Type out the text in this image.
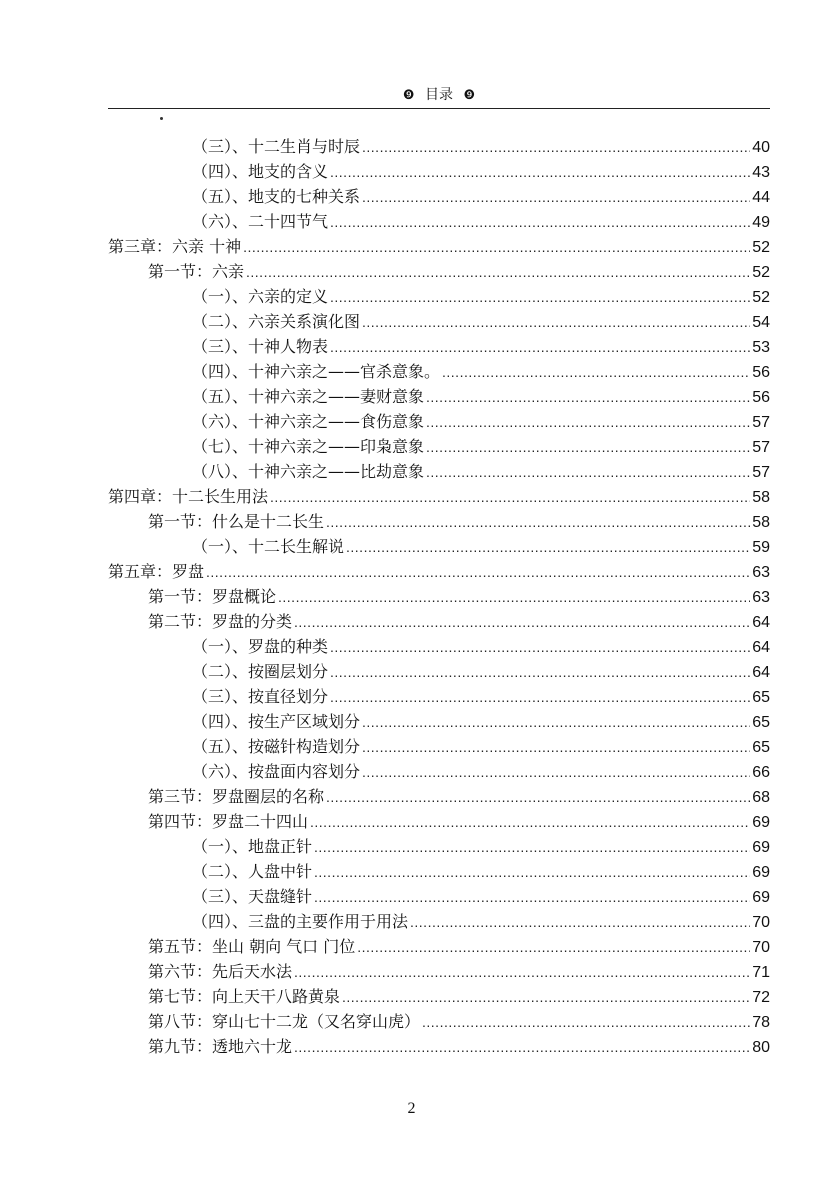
❾ 目录 ❾
（三）、十二生肖与时辰 .....	40
（四）、地支的含义 .....	43
（五）、地支的七种关系 .....	44
（六）、二十四节气 .....	49
第三章：六亲 十神 .....	52
第一节：六亲 .....	52
（一）、六亲的定义 .....	52
（二）、六亲关系演化图 .....	54
（三）、十神人物表 .....	53
（四）、十神六亲之——官杀意象。 .....	56
（五）、十神六亲之——妻财意象 .....	56
（六）、十神六亲之——食伤意象 .....	57
（七）、十神六亲之——印枭意象 .....	57
（八）、十神六亲之——比劫意象 .....	57
第四章：十二长生用法 .....	58
第一节：什么是十二长生 .....	58
（一）、十二长生解说 .....	59
第五章：罗盘 .....	63
第一节：罗盘概论 .....	63
第二节：罗盘的分类 .....	64
（一）、罗盘的种类 .....	64
（二）、按圈层划分 .....	64
（三）、按直径划分 .....	65
（四）、按生产区域划分 .....	65
（五）、按磁针构造划分 .....	65
（六）、按盘面内容划分 .....	66
第三节：罗盘圈层的名称 .....	68
第四节：罗盘二十四山 .....	69
（一）、地盘正针 .....	69
（二）、人盘中针 .....	69
（三）、天盘缝针 .....	69
（四）、三盘的主要作用于用法 .....	70
第五节：坐山 朝向 气口 门位 .....	70
第六节：先后天水法 .....	71
第七节：向上天干八路黄泉 .....	72
第八节：穿山七十二龙（又名穿山虎） .....	78
第九节：透地六十龙 .....	80
2
